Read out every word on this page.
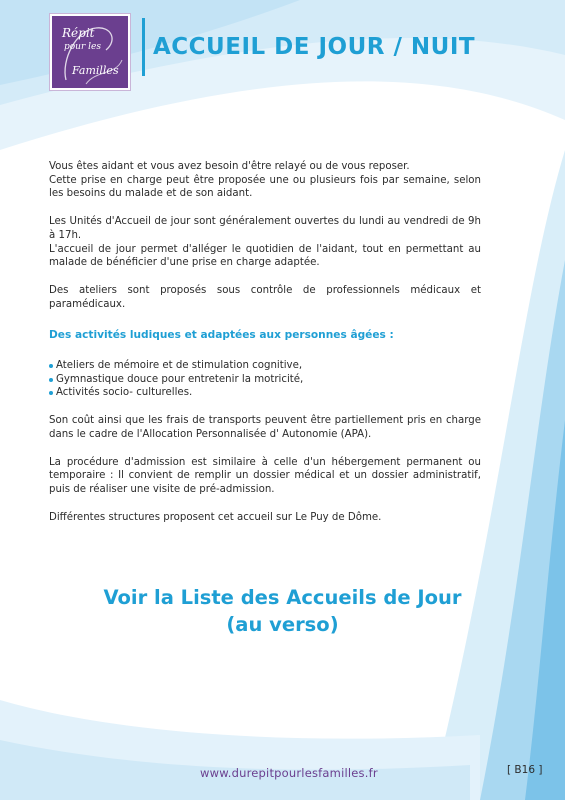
Répit
pour les
Familles
ACCUEIL DE JOUR / NUIT

Vous êtes aidant et vous avez besoin d'être relayé ou de vous reposer.
Cette prise en charge peut être proposée une ou plusieurs fois par semaine, selon les besoins du malade et de son aidant.

Les Unités d'Accueil de jour sont généralement ouvertes du lundi au vendredi de 9h à 17h.
L'accueil de jour permet d'alléger le quotidien de l'aidant, tout en permettant au malade de bénéficier d'une prise en charge adaptée.

Des ateliers sont proposés sous contrôle de professionnels médicaux et paramédicaux.

Des activités ludiques et adaptées aux personnes âgées :
Ateliers de mémoire et de stimulation cognitive,
Gymnastique douce pour entretenir la motricité,
Activités socio- culturelles.

Son coût ainsi que les frais de transports peuvent être partiellement pris en charge dans le cadre de l'Allocation Personnalisée d' Autonomie (APA).

La procédure d'admission est similaire à celle d'un hébergement permanent ou temporaire : Il convient de remplir un dossier médical et un dossier administratif, puis de réaliser une visite de pré-admission.

Différentes structures proposent cet accueil sur Le Puy de Dôme.

Voir la Liste des Accueils de Jour
(au verso)
www.durepitpourlesfamilles.fr	[ B16 ]
